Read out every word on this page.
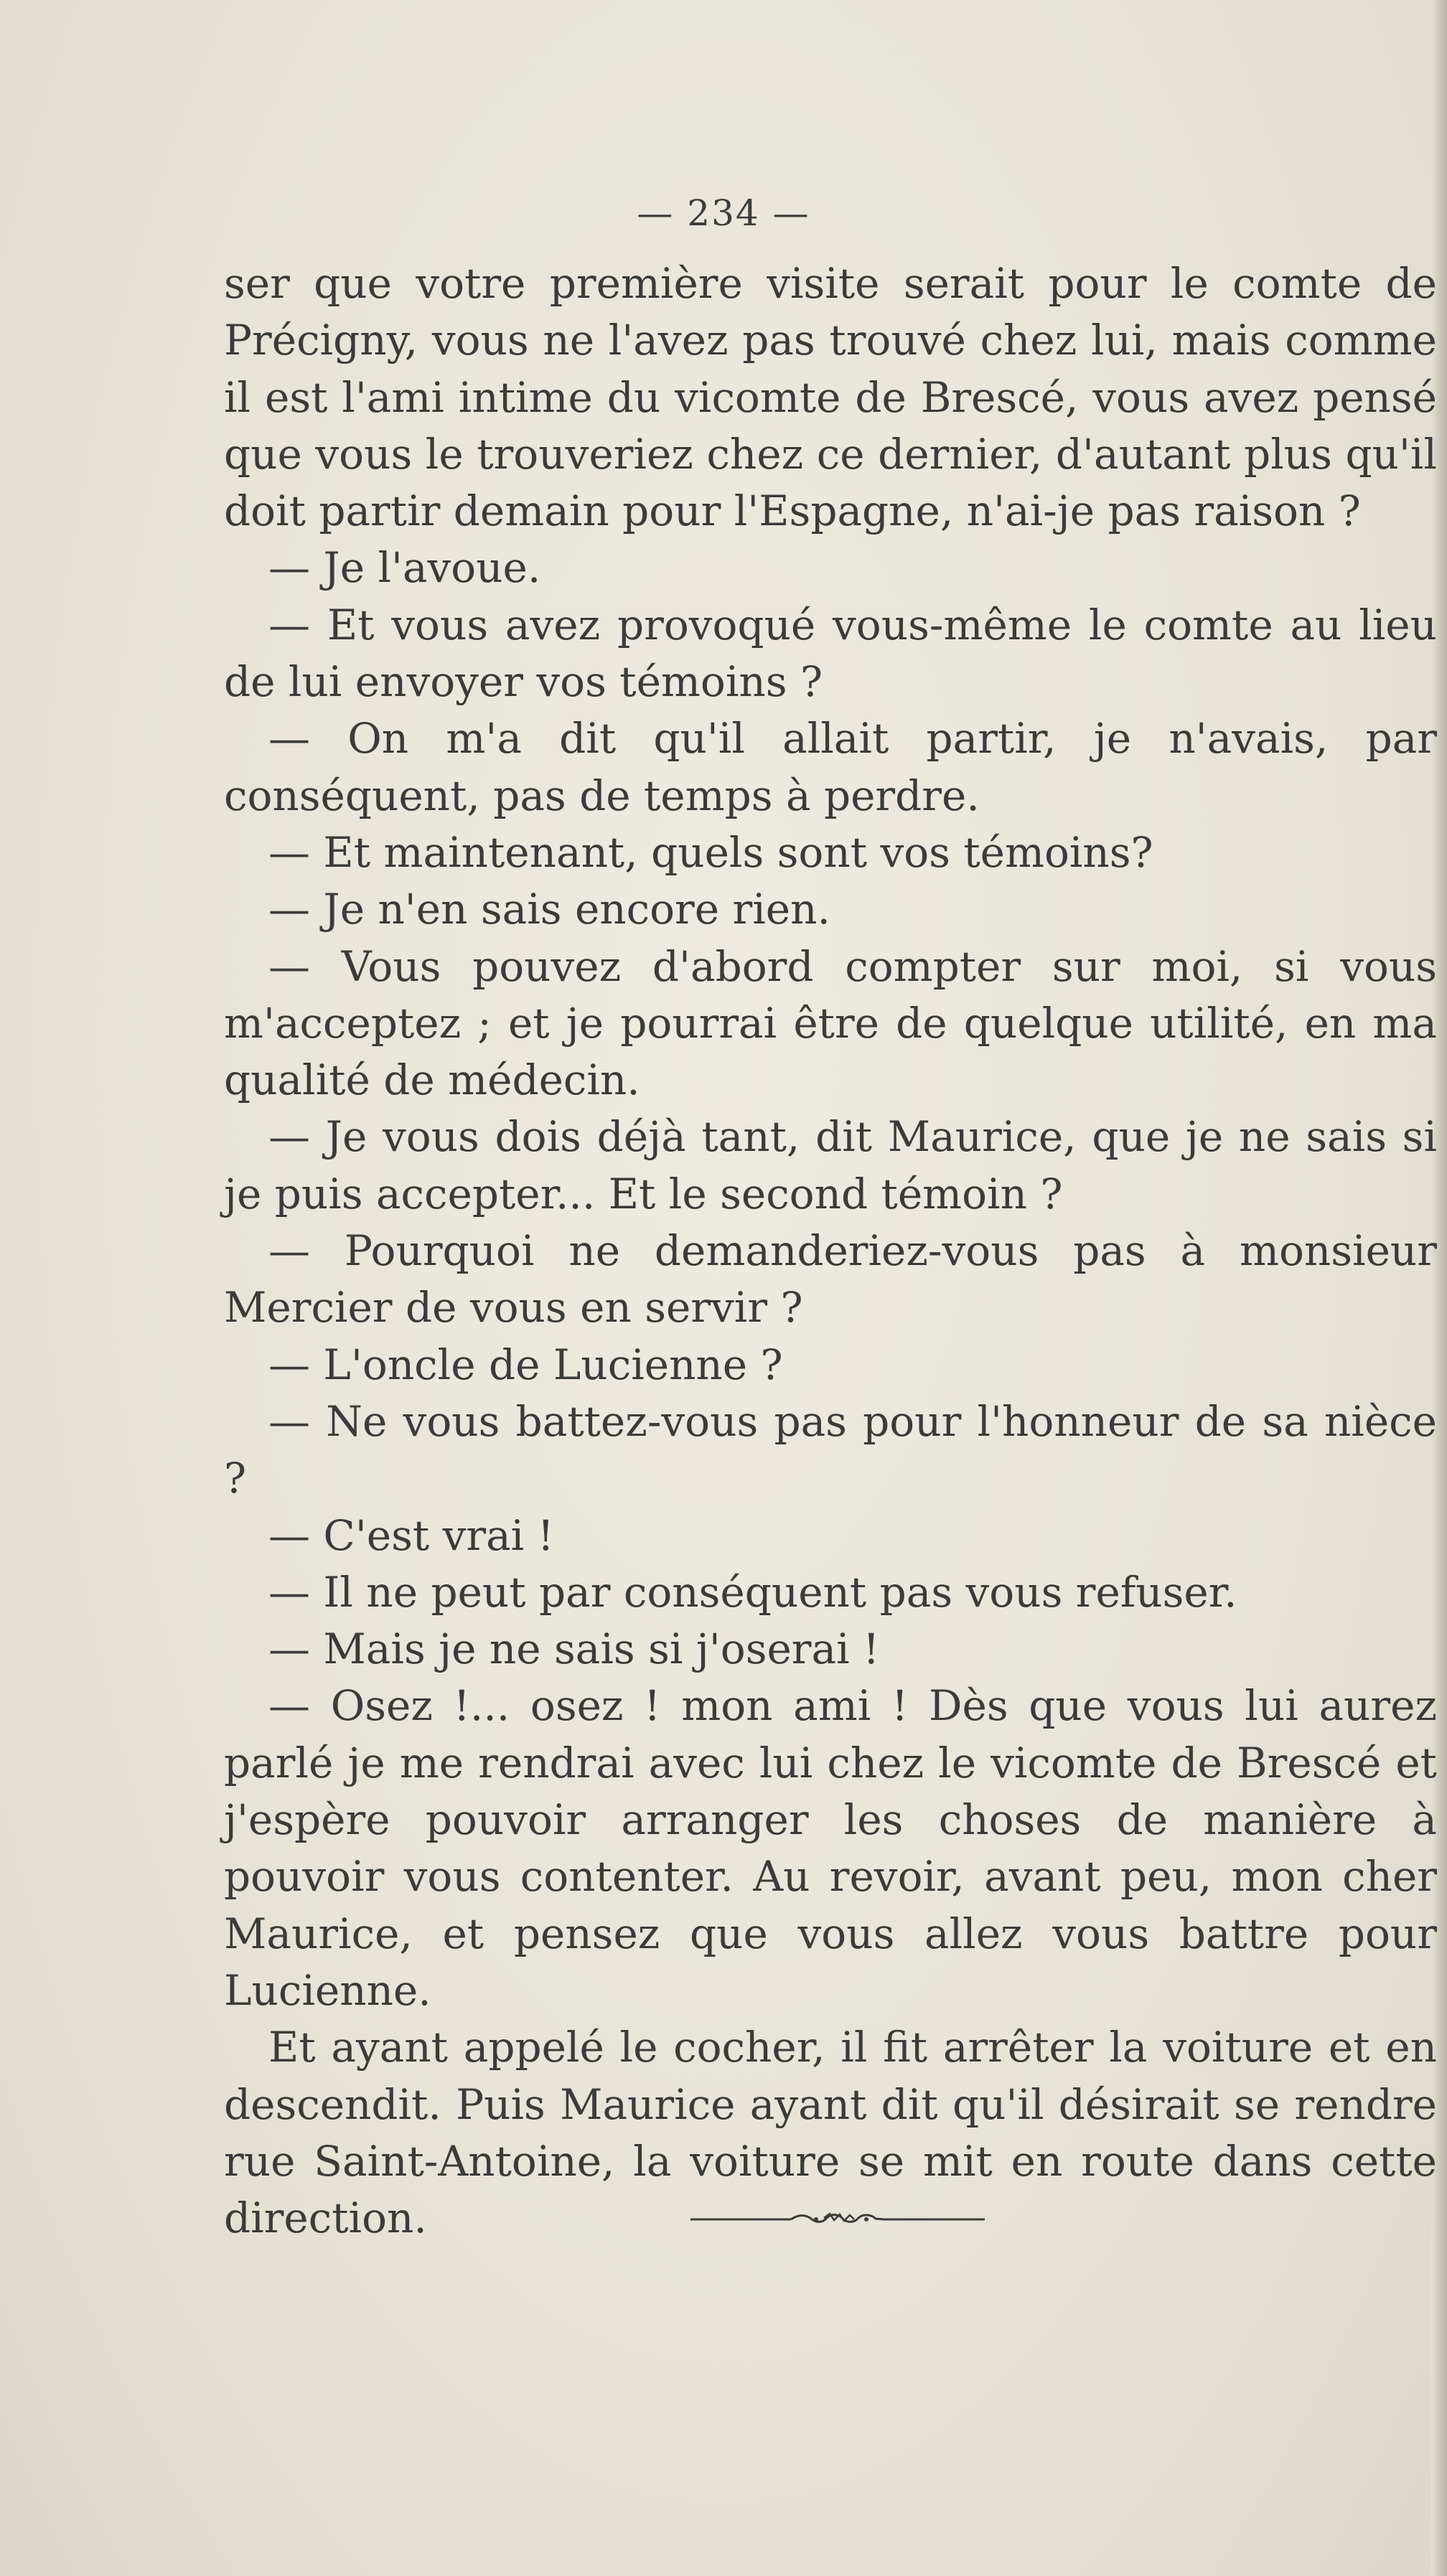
— 234 —

ser que votre première visite serait pour le comte de Précigny, vous ne l'avez pas trouvé chez lui, mais comme il est l'ami intime du vicomte de Brescé, vous avez pensé que vous le trouveriez chez ce dernier, d'autant plus qu'il doit partir demain pour l'Espagne, n'ai-je pas raison ?

— Je l'avoue.

— Et vous avez provoqué vous-même le comte au lieu de lui envoyer vos témoins ?

— On m'a dit qu'il allait partir, je n'avais, par conséquent, pas de temps à perdre.

— Et maintenant, quels sont vos témoins?

— Je n'en sais encore rien.

— Vous pouvez d'abord compter sur moi, si vous m'acceptez ; et je pourrai être de quelque utilité, en ma qualité de médecin.

— Je vous dois déjà tant, dit Maurice, que je ne sais si je puis accepter... Et le second témoin ?

— Pourquoi ne demanderiez-vous pas à monsieur Mercier de vous en servir ?

— L'oncle de Lucienne ?

— Ne vous battez-vous pas pour l'honneur de sa nièce ?

— C'est vrai !

— Il ne peut par conséquent pas vous refuser.

— Mais je ne sais si j'oserai !

— Osez !... osez ! mon ami ! Dès que vous lui aurez parlé je me rendrai avec lui chez le vicomte de Brescé et j'espère pouvoir arranger les choses de manière à pouvoir vous contenter. Au revoir, avant peu, mon cher Maurice, et pensez que vous allez vous battre pour Lucienne.

Et ayant appelé le cocher, il fit arrêter la voiture et en descendit. Puis Maurice ayant dit qu'il désirait se rendre rue Saint-Antoine, la voiture se mit en route dans cette direction.
